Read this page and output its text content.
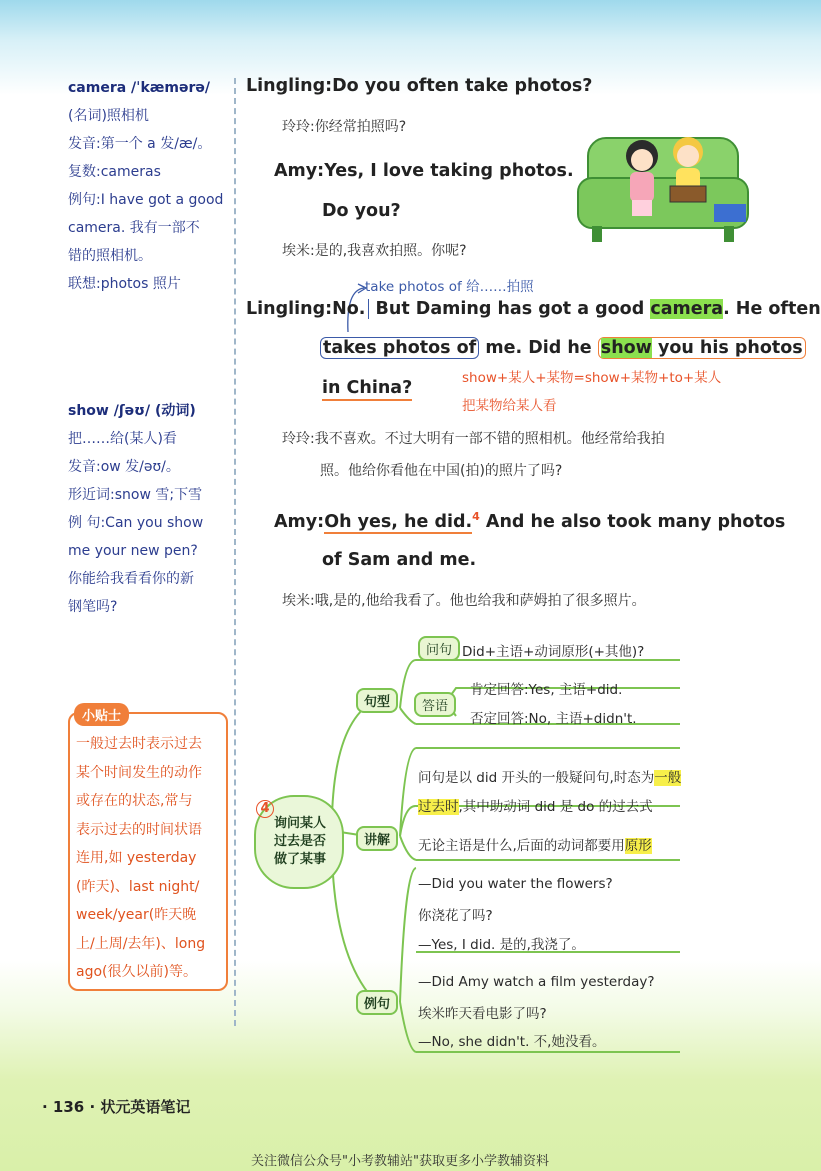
camera /ˈkæmərə/
(名词)照相机
发音:第一个 a 发/æ/。
复数:cameras
例句:I have got a good
camera. 我有一部不
错的照相机。
联想:photos 照片
show /ʃəʊ/ (动词)
把……给(某人)看
发音:ow 发/əʊ/。
形近词:snow 雪;下雪
例 句:Can you show
me your new pen?
你能给我看看你的新
钢笔吗?
小贴士
一般过去时表示过去
某个时间发生的动作
或存在的状态,常与
表示过去的时间状语
连用,如 yesterday
(昨天)、last night/
week/year(昨天晚
上/上周/去年)、long
ago(很久以前)等。
Lingling:Do you often take photos?
玲玲:你经常拍照吗?
Amy:Yes, I love taking photos.
Do you?
埃米:是的,我喜欢拍照。你呢?
take photos of 给……拍照
Lingling:No. But Daming has got a good camera. He often
takes photos of me. Did he show you his photos
in China?	show+某人+某物=show+某物+to+某人
把某物给某人看
玲玲:我不喜欢。不过大明有一部不错的照相机。他经常给我拍
照。他给你看他在中国(拍)的照片了吗?
Amy:Oh yes, he did.$^4$ And he also took many photos
of Sam and me.
埃米:哦,是的,他给我看了。他也给我和萨姆拍了很多照片。
4
询问某人
过去是否
做了某事
句型
讲解
例句
问句 Did+主语+动词原形(+其他)?
答语
肯定回答:Yes, 主语+did.
否定回答:No, 主语+didn't.
问句是以 did 开头的一般疑问句,时态为一般
过去时,其中助动词 did 是 do 的过去式
无论主语是什么,后面的动词都要用原形
—Did you water the flowers?
你浇花了吗?
—Yes, I did. 是的,我浇了。
—Did Amy watch a film yesterday?
埃米昨天看电影了吗?
—No, she didn't. 不,她没看。
· 136 · 状元英语笔记
关注微信公众号"小考教辅站"获取更多小学教辅资料
